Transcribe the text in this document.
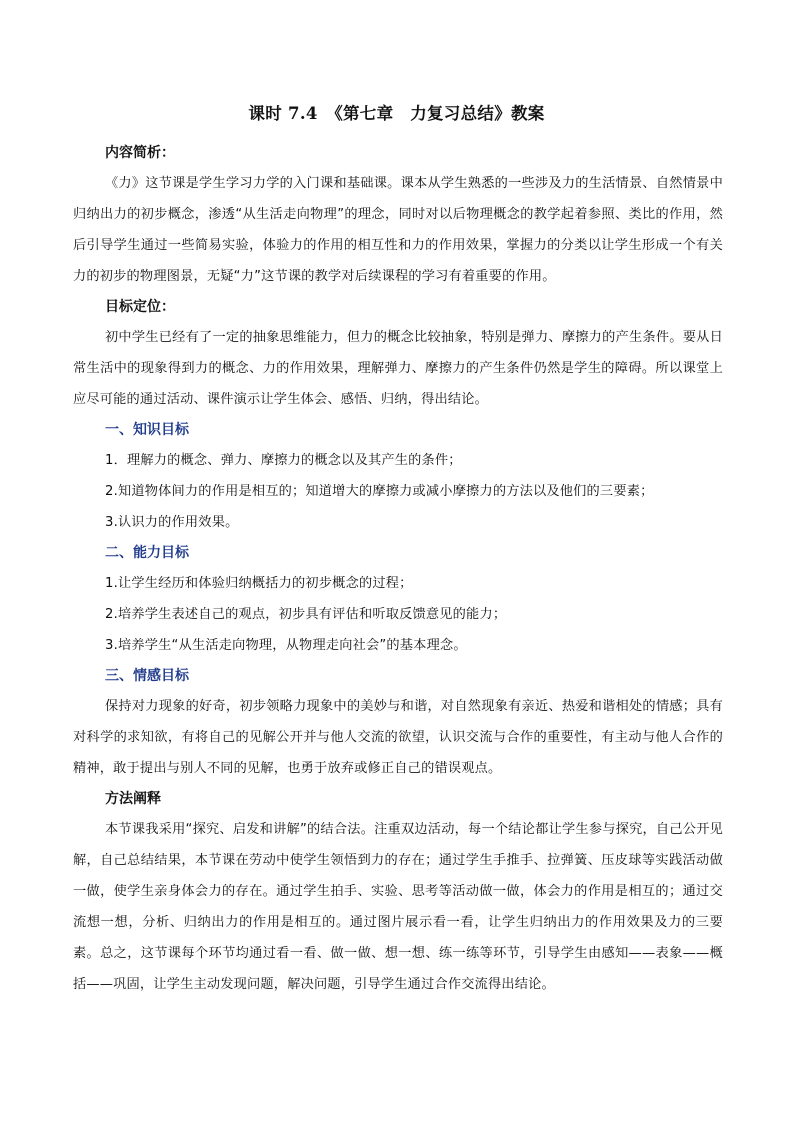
课时 7.4　《第七章　力复习总结》教案
内容简析：
《力》这节课是学生学习力学的入门课和基础课。课本从学生熟悉的一些涉及力的生活情景、自然情景中归纳出力的初步概念，渗透“从生活走向物理”的理念，同时对以后物理概念的教学起着参照、类比的作用，然后引导学生通过一些简易实验，体验力的作用的相互性和力的作用效果，掌握力的分类以让学生形成一个有关力的初步的物理图景，无疑“力”这节课的教学对后续课程的学习有着重要的作用。
目标定位：
初中学生已经有了一定的抽象思维能力，但力的概念比较抽象，特别是弹力、摩擦力的产生条件。要从日常生活中的现象得到力的概念、力的作用效果，理解弹力、摩擦力的产生条件仍然是学生的障碍。所以课堂上应尽可能的通过活动、课件演示让学生体会、感悟、归纳，得出结论。
一、知识目标
1．理解力的概念、弹力、摩擦力的概念以及其产生的条件；
2.知道物体间力的作用是相互的；知道增大的摩擦力或减小摩擦力的方法以及他们的三要素；
3.认识力的作用效果。
二、能力目标
1.让学生经历和体验归纳概括力的初步概念的过程；
2.培养学生表述自己的观点，初步具有评估和听取反馈意见的能力；
3.培养学生“从生活走向物理，从物理走向社会”的基本理念。
三、情感目标
保持对力现象的好奇，初步领略力现象中的美妙与和谐，对自然现象有亲近、热爱和谐相处的情感；具有对科学的求知欲，有将自己的见解公开并与他人交流的欲望，认识交流与合作的重要性，有主动与他人合作的精神，敢于提出与别人不同的见解，也勇于放弃或修正自己的错误观点。
方法阐释
本节课我采用“探究、启发和讲解”的结合法。注重双边活动，每一个结论都让学生参与探究，自己公开见解，自己总结结果，本节课在劳动中使学生领悟到力的存在；通过学生手推手、拉弹簧、压皮球等实践活动做一做，使学生亲身体会力的存在。通过学生拍手、实验、思考等活动做一做，体会力的作用是相互的；通过交流想一想，分析、归纳出力的作用是相互的。通过图片展示看一看，让学生归纳出力的作用效果及力的三要素。总之，这节课每个环节均通过看一看、做一做、想一想、练一练等环节，引导学生由感知——表象——概括——巩固，让学生主动发现问题，解决问题，引导学生通过合作交流得出结论。
